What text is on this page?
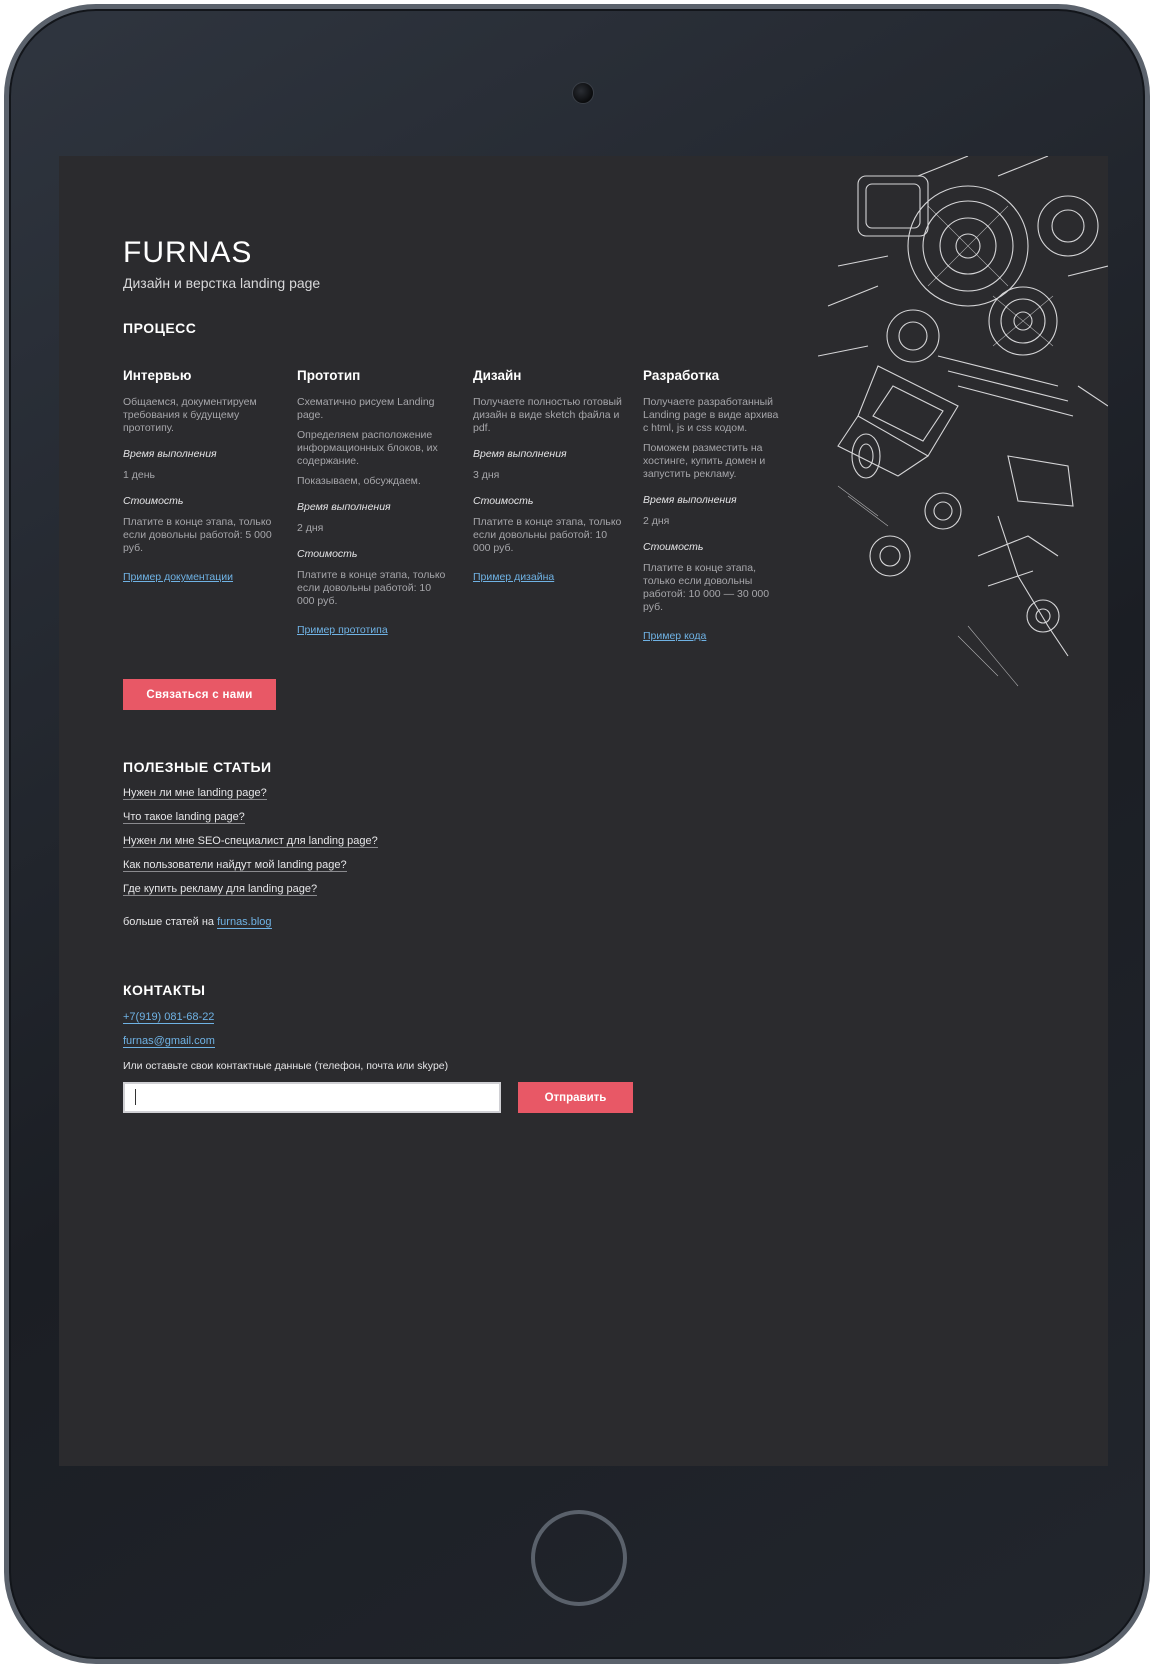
FURNAS
Дизайн и верстка landing page
ПРОЦЕСС
Интервью

Общаемся, документируем требования к будущему прототипу.

Время выполнения

1 день

Стоимость

Платите в конце этапа, только если довольны работой: 5 000 руб.

Пример документации
Прототип

Схематично рисуем Landing page.

Определяем расположение информационных блоков, их содержание.

Показываем, обсуждаем.

Время выполнения

2 дня

Стоимость

Платите в конце этапа, только если довольны работой: 10 000 руб.

Пример прототипа
Дизайн

Получаете полностью готовый дизайн в виде sketch файла и pdf.

Время выполнения

3 дня

Стоимость

Платите в конце этапа, только если довольны работой: 10 000 руб.

Пример дизайна
Разработка

Получаете разработанный Landing page в виде архива с html, js и css кодом.

Поможем разместить на хостинге, купить домен и запустить рекламу.

Время выполнения

2 дня

Стоимость

Платите в конце этапа, только если довольны работой: 10 000 — 30 000 руб.

Пример кода
Связаться с нами
ПОЛЕЗНЫЕ СТАТЬИ
Нужен ли мне landing page?
Что такое landing page?
Нужен ли мне SEO-специалист для landing page?
Как пользователи найдут мой landing page?
Где купить рекламу для landing page?
больше статей на furnas.blog
КОНТАКТЫ
+7(919) 081-68-22
furnas@gmail.com
Или оставьте свои контактные данные (телефон, почта или skype)
Отправить
